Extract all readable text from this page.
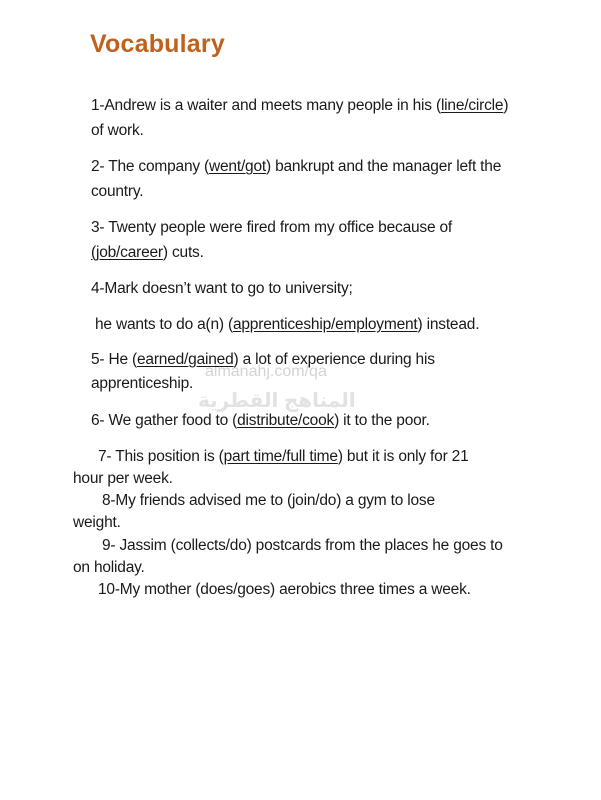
Vocabulary
almanahj.com/qa
المناهج القطرية
1-Andrew is a waiter and meets many people in his (line/circle)
of work.
2- The company (went/got) bankrupt and the manager left the
country.
3- Twenty people were fired from my office because of
(job/career) cuts.
4-Mark doesn’t want to go to university;
he wants to do a(n) (apprenticeship/employment) instead.
5- He (earned/gained) a lot of experience during his
apprenticeship.
6- We gather food to (distribute/cook) it to the poor.
7- This position is (part time/full time) but it is only for 21
hour per week.
8-My friends advised me to (join/do) a gym to lose
weight.
9- Jassim (collects/do) postcards from the places he goes to
on holiday.
10-My mother (does/goes) aerobics three times a week.
